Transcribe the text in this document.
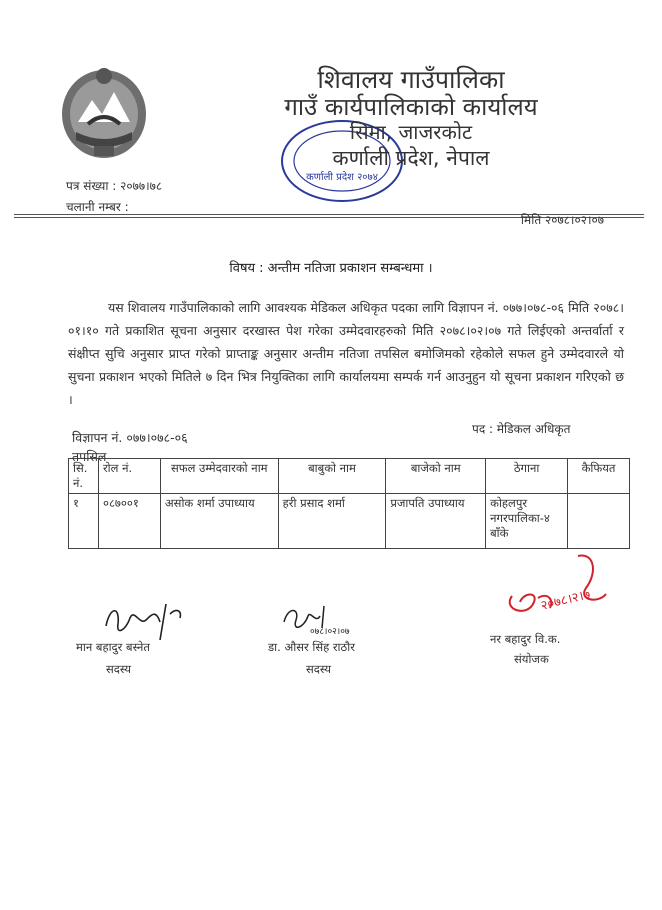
शिवालय गाउँपालिका
गाउँ कार्यपालिकाको कार्यालय
कर्णाली प्रदेश २०७४
सिमा, जाजरकोट
कर्णाली प्रदेश, नेपाल
पत्र संख्या : २०७७।७८
चलानी नम्बर :
मिति २०७८।०२।०७
विषय : अन्तीम नतिजा प्रकाशन सम्बन्धमा ।
यस शिवालय गाउँपालिकाको लागि आवश्यक मेडिकल अधिकृत पदका लागि विज्ञापन नं. ०७७।०७८-०६ मिति २०७८।०१।१० गते प्रकाशित सूचना अनुसार दरखास्त पेश गरेका उम्मेदवारहरुको मिति २०७८।०२।०७ गते लिईएको अन्तर्वार्ता र संक्षीप्त सुचि अनुसार प्राप्त गरेको प्राप्ताङ्क अनुसार अन्तीम नतिजा तपसिल बमोजिमको रहेकोले सफल हुने उम्मेदवारले यो सुचना प्रकाशन भएको मितिले ७ दिन भित्र नियुक्तिका लागि कार्यालयमा सम्पर्क गर्न आउनुहुन यो सूचना प्रकाशन गरिएको छ ।
पद : मेडिकल अधिकृत
विज्ञापन नं. ०७७।०७८-०६
तपसिल
सि. नं.	रोल नं.	सफल उम्मेदवारको नाम	बाबुको नाम	बाजेको नाम	ठेगाना	कैफियत
१	०८७००१	असोक शर्मा उपाध्याय	हरी प्रसाद शर्मा	प्रजापति उपाध्याय	कोहलपुर नगरपालिका-४ बाँके	
मान बहादुर बस्नेत
सदस्य
०७८।०२।०७
डा. औसर सिंह राठौर
सदस्य
२०७८।२।७
नर बहादुर वि.क.
संयोजक
